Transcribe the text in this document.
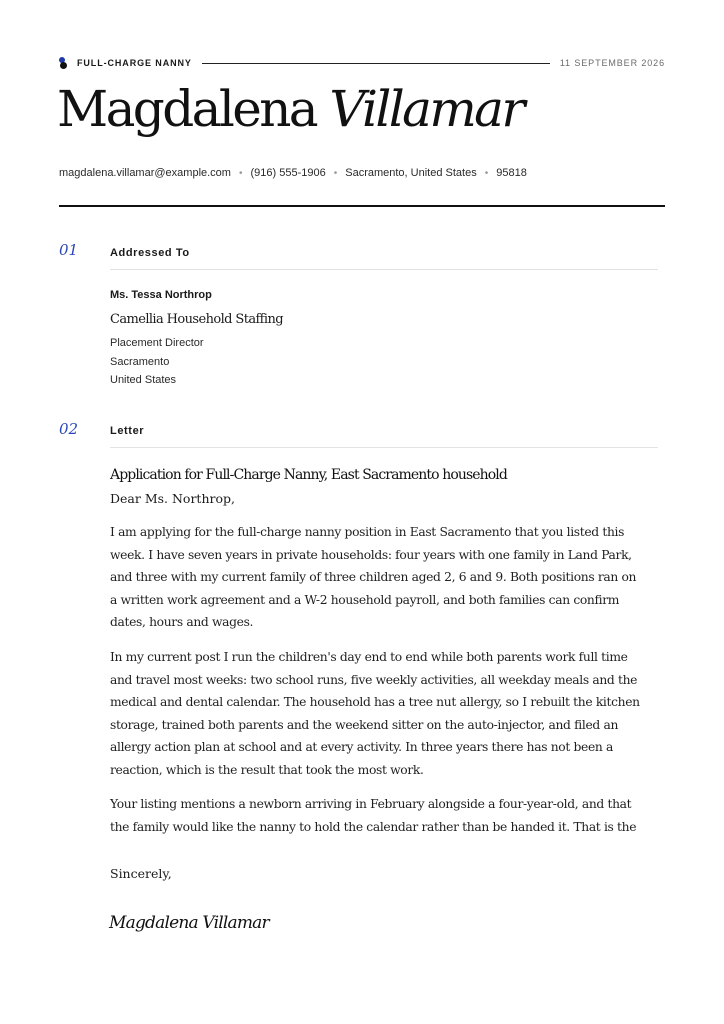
FULL-CHARGE NANNY	11 SEPTEMBER 2026
Magdalena Villamar
magdalena.villamar@example.com • (916) 555-1906 • Sacramento, United States • 95818
01	Addressed To
Ms. Tessa Northrop
Camellia Household Staffing
Placement Director
Sacramento
United States
02	Letter
Application for Full-Charge Nanny, East Sacramento household
Dear Ms. Northrop,

I am applying for the full-charge nanny position in East Sacramento that you listed this
week. I have seven years in private households: four years with one family in Land Park,
and three with my current family of three children aged 2, 6 and 9. Both positions ran on
a written work agreement and a W-2 household payroll, and both families can confirm
dates, hours and wages.

In my current post I run the children's day end to end while both parents work full time
and travel most weeks: two school runs, five weekly activities, all weekday meals and the
medical and dental calendar. The household has a tree nut allergy, so I rebuilt the kitchen
storage, trained both parents and the weekend sitter on the auto-injector, and filed an
allergy action plan at school and at every activity. In three years there has not been a
reaction, which is the result that took the most work.

Your listing mentions a newborn arriving in February alongside a four-year-old, and that
the family would like the nanny to hold the calendar rather than be handed it. That is the

Sincerely,
Magdalena Villamar
